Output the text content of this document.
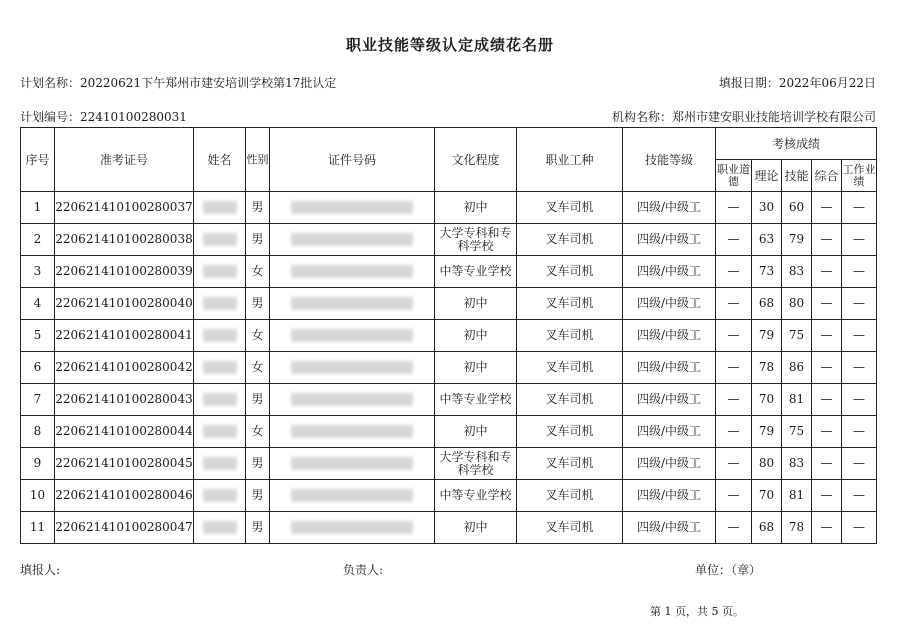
职业技能等级认定成绩花名册
计划名称：20220621下午郑州市建安培训学校第17批认定	填报日期：2022年06月22日
计划编号：22410100280031	机构名称：郑州市建安职业技能培训学校有限公司
序号	准考证号	姓名	性别	证件号码	文化程度	职业工种	技能等级	考核成绩				
								职业道德	理论	技能	综合	工作业绩
1	220621410100280037		男		初中	叉车司机	四级/中级工	—	30	60	—	—
2	220621410100280038		男		大学专科和专科学校	叉车司机	四级/中级工	—	63	79	—	—
3	220621410100280039		女		中等专业学校	叉车司机	四级/中级工	—	73	83	—	—
4	220621410100280040		男		初中	叉车司机	四级/中级工	—	68	80	—	—
5	220621410100280041		女		初中	叉车司机	四级/中级工	—	79	75	—	—
6	220621410100280042		女		初中	叉车司机	四级/中级工	—	78	86	—	—
7	220621410100280043		男		中等专业学校	叉车司机	四级/中级工	—	70	81	—	—
8	220621410100280044		女		初中	叉车司机	四级/中级工	—	79	75	—	—
9	220621410100280045		男		大学专科和专科学校	叉车司机	四级/中级工	—	80	83	—	—
10	220621410100280046		男		中等专业学校	叉车司机	四级/中级工	—	70	81	—	—
11	220621410100280047		男		初中	叉车司机	四级/中级工	—	68	78	—	—
填报人:	负责人:	单位：（章）
第 1 页，共 5 页。
